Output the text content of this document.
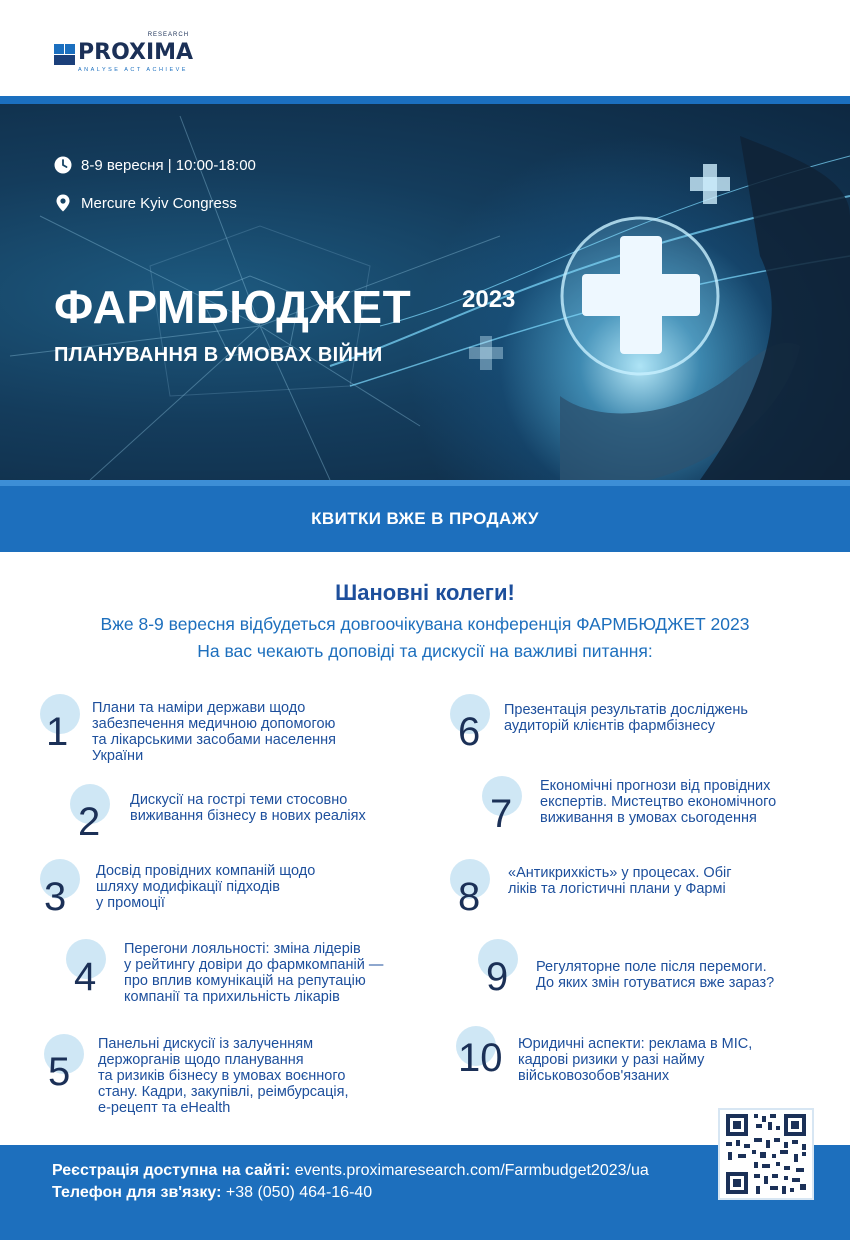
RESEARCH
PROXIMA
ANALYSE ACT ACHIEVE
8-9 вересня | 10:00-18:00
Mercure Kyiv Congress
ФАРМБЮДЖЕТ 2023
ПЛАНУВАННЯ В УМОВАХ ВІЙНИ
КВИТКИ ВЖЕ В ПРОДАЖУ
Шановні колеги!
Вже 8-9 вересня відбудеться довгоочікувана конференція ФАРМБЮДЖЕТ 2023
На вас чекають доповіді та дискусії на важливі питання:
1
Плани та наміри держави щодо
забезпечення медичною допомогою
та лікарськими засобами населення
України
2 Дискусії на гострі теми стосовно
виживання бізнесу в нових реаліях
3
Досвід провідних компаній щодо
шляху модифікації підходів
у промоції
4
Перегони лояльності: зміна лідерів
у рейтингу довіри до фармкомпаній —
про вплив комунікацій на репутацію
компанії та прихильність лікарів
5
Панельні дискусії із залученням
держорганів щодо планування
та ризиків бізнесу в умовах воєнного
стану. Кадри, закупівлі, реімбурсація,
е-рецепт та eHealth
6 Презентація результатів досліджень
аудиторій клієнтів фармбізнесу
7
Економічні прогнози від провідних
експертів. Мистецтво економічного
виживання в умовах сьогодення
8
«Антикрихкість» у процесах. Обіг
ліків та логістичні плани у Фармі
9 Регуляторне поле після перемоги.
До яких змін готуватися вже зараз?
10 Юридичні аспекти: реклама в МІС,
кадрові ризики у разі найму
військовозобов'язаних
Реєстрація доступна на сайті: events.proximaresearch.com/Farmbudget2023/ua
Телефон для зв'язку: +38 (050) 464-16-40
